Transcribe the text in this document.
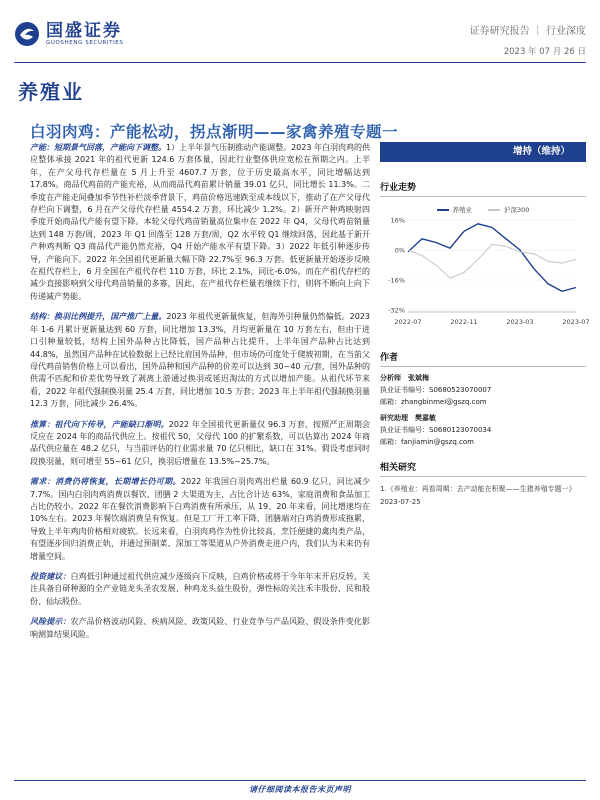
国盛证券
GUOSHENG SECURITIES
证券研究报告 ｜ 行业深度
2023 年 07 月 26 日
养殖业
白羽肉鸡：产能松动，拐点渐明——家禽养殖专题一

产能：短期景气回落，产能向下调整。1）上半年景气压制推动产能调整。2023 年白羽肉鸡的供应整体承接 2021 年的祖代更新 124.6 万套体量，因此行业整体供应宽松在预期之内。上半年，在产父母代存栏量在 5 月上升至 4607.7 万套，位于历史最高水平，同比增幅达到 17.8%。商品代鸡苗的产能充裕，从而商品代鸡苗累计销量 39.01 亿只，同比增长 11.3%。二季度在产能走间叠加季节性补栏淡季背景下，鸡苗价格迅速跌至成本线以下，推动了在产父母代存栏向下调整，6 月在产父母代存栏量 4554.2 万套，环比减少 1.2%。2）新开产种鸡映射四季度开始商品代产能有望下降。本轮父母代鸡苗销量高位集中在 2022 年 Q4，父母代鸡苗销量达到 148 万套/周，2023 年 Q1 回落至 128 万套/周，Q2 水平较 Q1 继续回落，因此基于新开产种鸡判断 Q3 商品代产能仍然充裕，Q4 开始产能水平有望下降。3）2022 年低引种逐步传导，产能向下。2022 年全国祖代更新量大幅下降 22.7%至 96.3 万套。低更新量开始逐步反映在祖代存栏上，6 月全国在产祖代存栏 110 万套，环比 2.1%，同比-6.0%。而在产祖代存栏的减少直接影响到父母代鸡苗销量的多寡，因此，在产祖代存栏量若继续下行，则将不断向上向下传递减产势能。

结构：换羽比例提升，国产推广上量。2023 年祖代更新量恢复，但海外引种量仍然偏低。2023 年 1-6 月累计更新量达到 60 万套，同比增加 13.3%，月均更新量在 10 万套左右，但由于进口引种量较低，结构上国外品种占比降低，国产品种占比提升，上半年国产品种占比达到 44.8%，虽然国产品种在试验数据上已经比肩国外品种，但市场仍可度处于爬坡初期，在当前父母代鸡苗销售价格上可以看出，国外品种和国产品种的价差可以达到 30~40 元/套，国外品种的供需不匹配和价差优势导致了剥离上游通过换羽或延迟淘汰的方式以增加产能。从祖代环节来看，2022 年祖代强制换羽量 25.4 万套，同比增加 10.5 万套；2023 年上半年祖代强制换羽量 12.3 万套，同比减少 26.4%。

推算：祖代向下传导，产能缺口渐明。2022 年全国祖代更新量仅 96.3 万套，按照严正周期会反应在 2024 年的商品代供应上。按祖代 50，父母代 100 的扩繁系数，可以估算出 2024 年商品代供应量在 48.2 亿只，与当前评估的行业需求量 70 亿只相比，缺口在 31%。假设考虑同时段换羽量，则可增至 55~61 亿只，换羽后增量在 13.5%~25.7%。

需求：消费仍将恢复，长期增长仍可期。2022 年我国白羽肉鸡出栏量 60.9 亿只，同比减少 7.7%。国内白羽肉鸡消费以餐饮、团膳 2 大渠道为主，占比合计达 63%，家庭消费和食品加工占比仍较小。2022 年在餐饮消费影响下白鸡消费有所承压，从 19、20 年来看，同比增速均在 10%左右。2023 年餐饮端消费呈有恢复。但是工厂开工率下降，团膳端对白鸡消费形成拖累，导致上半年鸡肉价格相对疲软。长远来看，白羽肉鸡作为性价比较高，烹饪便捷的禽肉类产品，有望逐步回归消费正轨，并通过预制菜、深加工等渠道从户外消费走进户内，我们认为未来仍有增量空间。

投资建议：白鸡低引种通过祖代供应减少逐级向下反映，白鸡价格或将于今年年末开启反转，关注具备自研种源的全产业链龙头圣农发展、种鸡龙头益生股份，弹性标的关注禾丰股份、民和股份、仙坛股份。

风险提示：农产品价格波动风险、疾病风险、政策风险、行业竞争与产品风险、假设条件变化影响测算结果风险。

增持（维持）
行业走势
养殖业	沪深300
16%
0%
-16%
-32%
2022-07	2022-11	2023-03	2023-07
作者
分析师　 张斌梅
执业证书编号：S0680523070007
邮箱：zhangbinmei@gszq.com
研究助理　 樊嘉敏
执业证书编号：S0680123070034
邮箱：fanjiamin@gszq.com
相关研究
1.《养殖业：再看周期：去产动能在积聚——生猪养殖专题一》2023-07-25
请仔细阅读本报告末页声明
